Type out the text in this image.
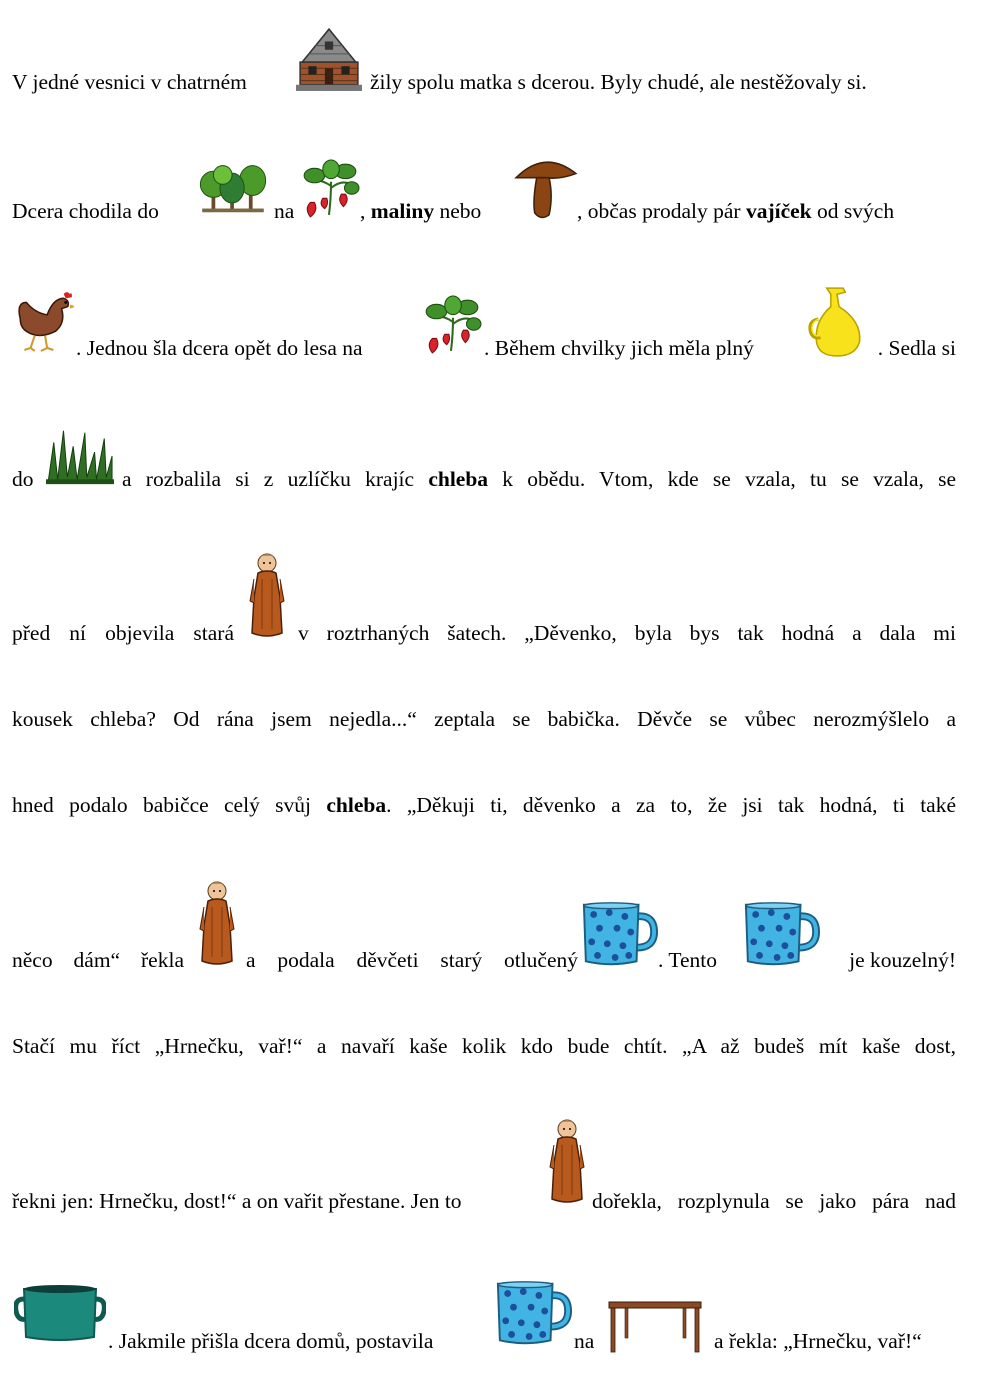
V jedné vesnici v chatrném	žily spolu matka s dcerou. Byly chudé, ale nestěžovaly si.
Dcera chodila do	na	, maliny nebo	, občas prodaly pár vajíček od svých
. Jednou šla dcera opět do lesa na	. Během chvilky jich měla plný	. Sedla si
do	a rozbalila si z uzlíčku krajíc chleba k obědu. Vtom, kde se vzala, tu se vzala, se
před ní objevila stará	v roztrhaných šatech. „Děvenko, byla bys tak hodná a dala mi
kousek chleba? Od rána jsem nejedla...“ zeptala se babička. Děvče se vůbec nerozmýšlelo a
hned podalo babičce celý svůj chleba. „Děkuji ti, děvenko a za to, že jsi tak hodná, ti také
něco dám“ řekla	a podala děvčeti starý otlučený	. Tento	je kouzelný!
Stačí mu říct „Hrnečku, vař!“ a navaří kaše kolik kdo bude chtít. „A až budeš mít kaše dost,
řekni jen: Hrnečku, dost!“ a on vařit přestane. Jen to	dořekla, rozplynula se jako pára nad
. Jakmile přišla dcera domů, postavila	na	a řekla: „Hrnečku, vař!“
